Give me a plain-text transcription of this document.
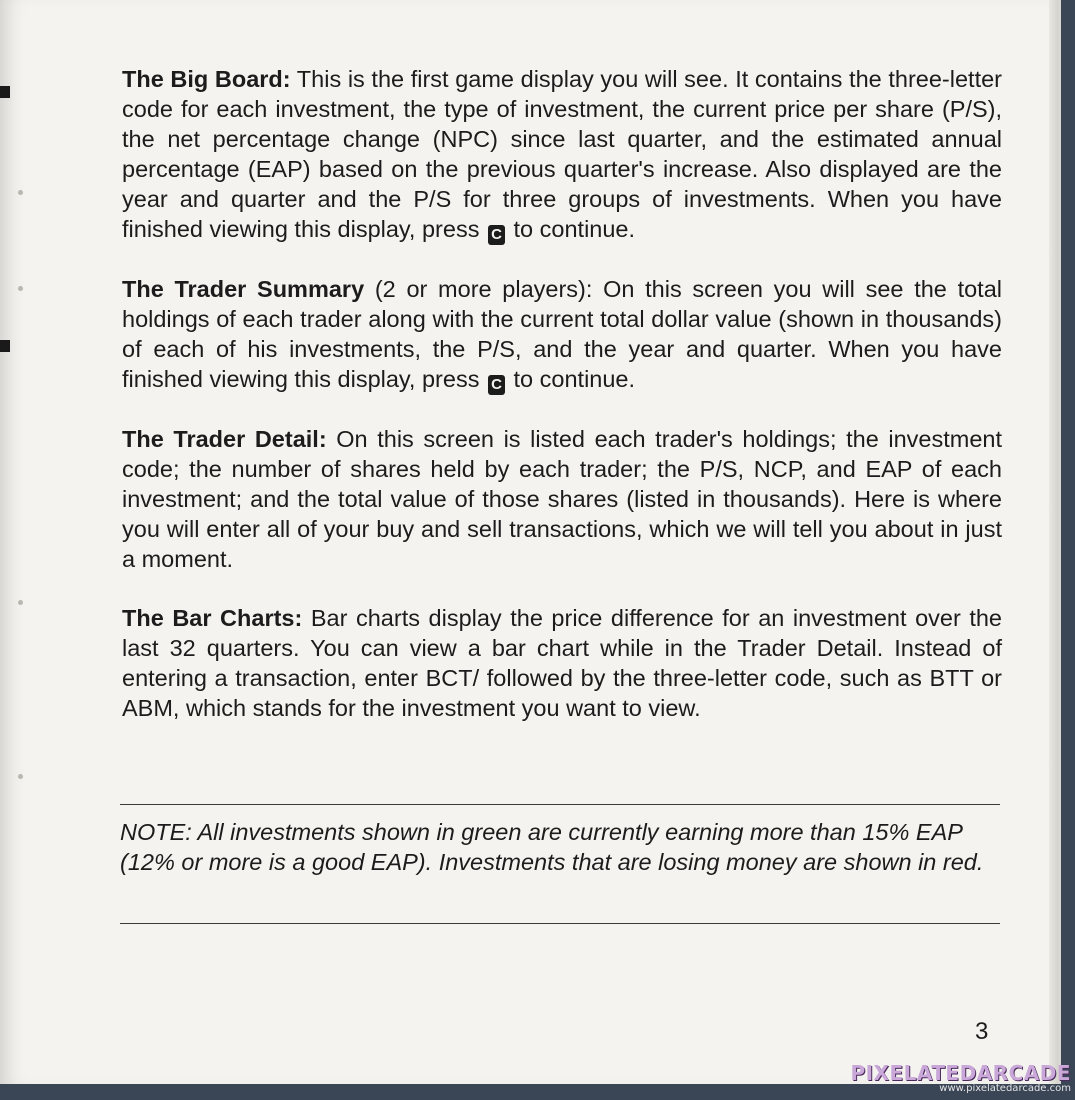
The Big Board: This is the first game display you will see. It contains the three-letter code for each investment, the type of investment, the current price per share (P/S), the net percentage change (NPC) since last quarter, and the estimated annual percentage (EAP) based on the previous quarter's increase. Also displayed are the year and quarter and the P/S for three groups of investments. When you have finished viewing this display, press C to continue.

The Trader Summary (2 or more players): On this screen you will see the total holdings of each trader along with the current total dollar value (shown in thousands) of each of his investments, the P/S, and the year and quarter. When you have finished viewing this display, press C to continue.

The Trader Detail: On this screen is listed each trader's holdings; the investment code; the number of shares held by each trader; the P/S, NCP, and EAP of each investment; and the total value of those shares (listed in thousands). Here is where you will enter all of your buy and sell transactions, which we will tell you about in just a moment.

The Bar Charts: Bar charts display the price difference for an investment over the last 32 quarters. You can view a bar chart while in the Trader Detail. Instead of entering a transaction, enter BCT/ followed by the three-letter code, such as BTT or ABM, which stands for the investment you want to view.

NOTE: All investments shown in green are currently earning more than 15% EAP (12% or more is a good EAP). Investments that are losing money are shown in red.

3
PIXELATEDARCADE
www.pixelatedarcade.com
